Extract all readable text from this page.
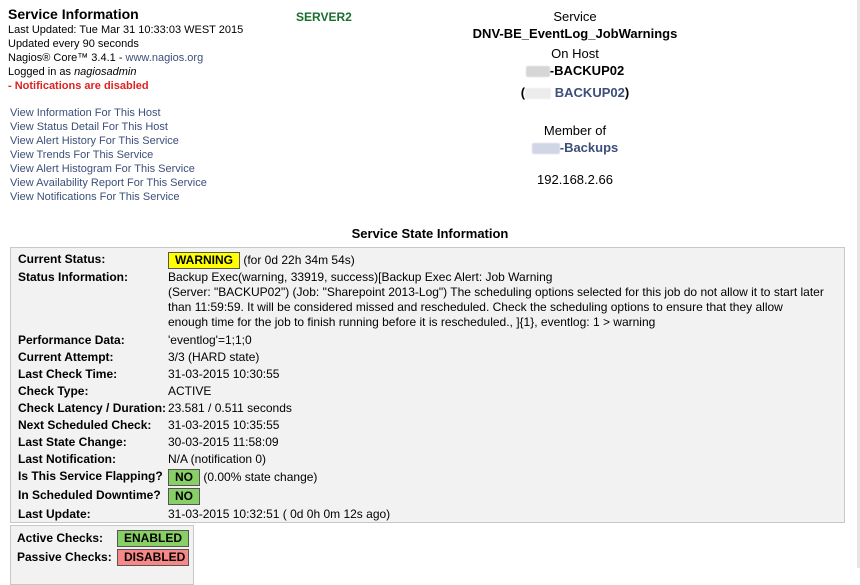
Service Information
Last Updated: Tue Mar 31 10:33:03 WEST 2015
Updated every 90 seconds
Nagios® Core™ 3.4.1 - www.nagios.org
Logged in as nagiosadmin
- Notifications are disabled
SERVER2	Service
DNV-BE_EventLog_JobWarnings
On Host
-BACKUP02
( BACKUP02)
Member of
-Backups
192.168.2.66
View Information For This Host
View Status Detail For This Host
View Alert History For This Service
View Trends For This Service
View Alert Histogram For This Service
View Availability Report For This Service
View Notifications For This Service
Service State Information
Current Status:	WARNING (for 0d 22h 34m 54s)
Status Information:	Backup Exec(warning, 33919, success)[Backup Exec Alert: Job Warning
(Server: "BACKUP02") (Job: "Sharepoint 2013-Log") The scheduling options selected for this job do not allow it to start later
than 11:59:59. It will be considered missed and rescheduled. Check the scheduling options to ensure that they allow
enough time for the job to finish running before it is rescheduled., ]{1}, eventlog: 1 > warning
Performance Data:	'eventlog'=1;1;0
Current Attempt:	3/3 (HARD state)
Last Check Time:	31-03-2015 10:30:55
Check Type:	ACTIVE
Check Latency / Duration: 23.581 / 0.511 seconds
Next Scheduled Check: 31-03-2015 10:35:55
Last State Change:	30-03-2015 11:58:09
Last Notification:	N/A (notification 0)
Is This Service Flapping?	NO (0.00% state change)
In Scheduled Downtime?	NO
Last Update:	31-03-2015 10:32:51 ( 0d 0h 0m 12s ago)
Active Checks: ENABLED
Passive Checks: DISABLED
